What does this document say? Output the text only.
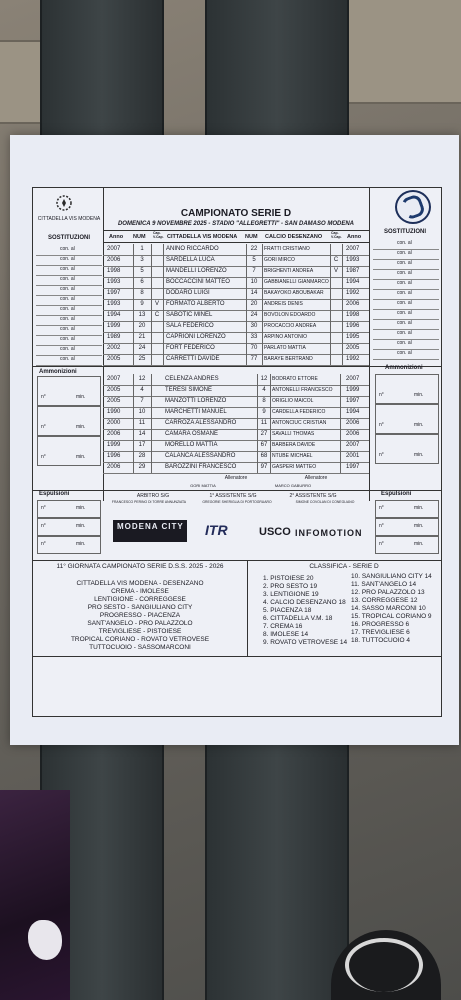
CITTADELLA VIS MODENA
SOSTITUZIONI
SOSTITUZIONI
CAMPIONATO SERIE D
DOMENICA 9 NOVEMBRE 2025 - STADIO "ALLEGRETTI" - SAN DAMASO MODENA
Anno NUM
Cap. V.Cap. CITTADELLA VIS MODENA NUM CALCIO DESENZANO
Cap. V.Cap. Anno
2007	1	ANINO RICCARDO	22	FRATTI CRISTIANO	2007
2006	3	SARDELLA LUCA	5	GORI MIRCO	C	1993
1998	5	MANDELLI LORENZO	7	BRIGHENTI ANDREA	V	1987
1993	6	BOCCACCINI MATTEO	10	GABBIANELLI GIANMARCO	1994
1997	8	DODARO LUIGI	14	BAKAYOKO ABOUBAKAR	1992
1993	9	V	FORMATO ALBERTO	20	ANDREIS DENIS	2006
1994	13	C	SABOTIC MINEL	24	BOVOLON EDOARDO	1998
1999	20	SALA FEDERICO	30	PROCACCIO ANDREA	1996
1989	21	CAPRIONI LORENZO	33	ARPINO ANTONIO	1995
2002	24	FORT FEDERICO	70	PARLATO MATTIA	2005
2005	25	CARRETTI DAVIDE	77	BARAYE BERTRAND	1992
con. al
con. al
con. al
con. al
con. al
con. al
con. al
con. al
con. al
con. al
con. al
con. al
con. al
con. al
con. al
con. al
con. al
con. al
con. al
con. al
con. al
con. al
con. al
con. al
Ammonizioni
Ammonizioni
n°	min.
n°	min.
n°	min.
n°	min.
n°	min.
n°	min.
2007	12	CELENZA ANDRES	12 BODRATO ETTORE	2007
2005	4	TERESI SIMONE	4	ANTONELLI FRANCESCO	1999
2005	7	MANZOTTI LORENZO	8	ORIGLIO MAICOL	1997
1990	10	MARCHETTI MANUEL	9	CARDELLA FEDERICO	1994
2000	11	CARROZA ALESSANDRO	11 ANTONCIUC CRISTIAN	2006
2006	14	CAMARA OSMANE	27 SAVALLI THOMAS	2006
1999	17	MORELLO MATTIA	67 BARBERA DAVIDE	2007
1996	28	CALANCA ALESSANDRO	68 NTUBE MICHAEL	2001
2006	29	BAROZZINI FRANCESCO	97 GASPERI MATTEO	1997
Allenatore
GORI MATTIA
Allenatore
MARCO GABURRO
Espulsioni	Espulsioni
ARBITRO S/G	1° ASSISTENTE S/G	2° ASSISTENTE S/G
FRANCESCO PERINO DI TORRE ANNUNZIATA	GREGORIE SHERIGLIA DI PORTOGRUARO	SIMONE COVOLAN DI CONEGLIANO
n°	min.
n°	min.
n°	min.
n°	min.
n°	min.
n°	min.
MODENA CITY ITR	USCO INFOMOTION
11° GIORNATA CAMPIONATO SERIE D.S.S. 2025 - 2026	CLASSIFICA - SERIE D
CITTADELLA VIS MODENA - DESENZANO
CREMA - IMOLESE
LENTIGIONE - CORREGGESE
PRO SESTO - SANGIULIANO CITY
PROGRESSO - PIACENZA
SANT'ANGELO - PRO PALAZZOLO
TREVIGLIESE - PISTOIESE
TROPICAL CORIANO - ROVATO VETROVESE
TUTTOCUOIO - SASSOMARCONI
1. PISTOIESE 20
2. PRO SESTO 19
3. LENTIGIONE 19
4. CALCIO DESENZANO 18
5. PIACENZA 18
6. CITTADELLA V.M. 18
7. CREMA 16
8. IMOLESE 14
9. ROVATO VETROVESE 14
10. SANGIULIANO CITY 14
11. SANT'ANGELO 14
12. PRO PALAZZOLO 13
13. CORREGGESE 12
14. SASSO MARCONI 10
15. TROPICAL CORIANO 9
16. PROGRESSO 6
17. TREVIGLIESE 6
18. TUTTOCUOIO 4
